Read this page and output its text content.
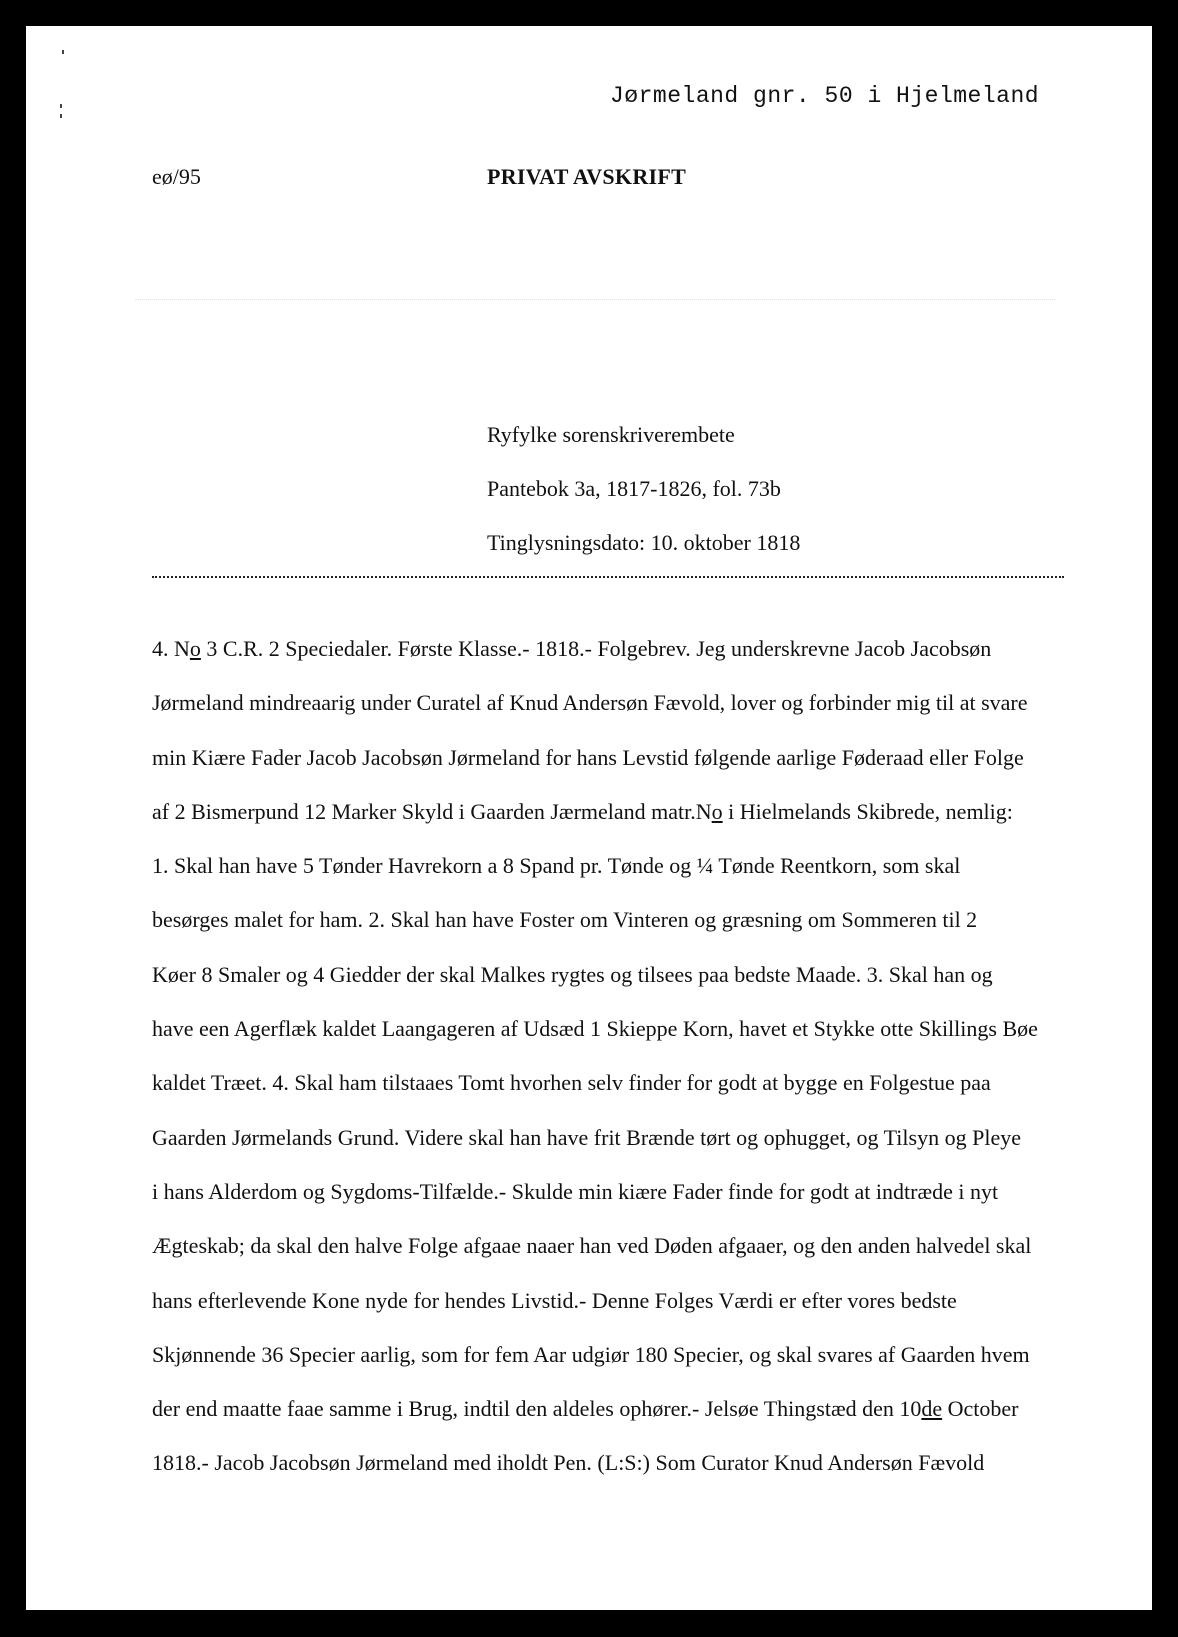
Jørmeland gnr. 50 i Hjelmeland
eø/95	PRIVAT AVSKRIFT
Ryfylke sorenskriverembete
Pantebok 3a, 1817-1826, fol. 73b
Tinglysningsdato: 10. oktober 1818
4. No 3 C.R. 2 Speciedaler. Første Klasse.- 1818.- Folgebrev. Jeg underskrevne Jacob Jacobsøn
Jørmeland mindreaarig under Curatel af Knud Andersøn Fævold, lover og forbinder mig til at svare
min Kiære Fader Jacob Jacobsøn Jørmeland for hans Levstid følgende aarlige Føderaad eller Folge
af 2 Bismerpund 12 Marker Skyld i Gaarden Jærmeland matr.No i Hielmelands Skibrede, nemlig:
1. Skal han have 5 Tønder Havrekorn a 8 Spand pr. Tønde og ¼ Tønde Reentkorn, som skal
besørges malet for ham. 2. Skal han have Foster om Vinteren og græsning om Sommeren til 2
Køer 8 Smaler og 4 Giedder der skal Malkes rygtes og tilsees paa bedste Maade. 3. Skal han og
have een Agerflæk kaldet Laangageren af Udsæd 1 Skieppe Korn, havet et Stykke otte Skillings Bøe
kaldet Træet. 4. Skal ham tilstaaes Tomt hvorhen selv finder for godt at bygge en Folgestue paa
Gaarden Jørmelands Grund. Videre skal han have frit Brænde tørt og ophugget, og Tilsyn og Pleye
i hans Alderdom og Sygdoms-Tilfælde.- Skulde min kiære Fader finde for godt at indtræde i nyt
Ægteskab; da skal den halve Folge afgaae naaer han ved Døden afgaaer, og den anden halvedel skal
hans efterlevende Kone nyde for hendes Livstid.- Denne Folges Værdi er efter vores bedste
Skjønnende 36 Specier aarlig, som for fem Aar udgiør 180 Specier, og skal svares af Gaarden hvem
der end maatte faae samme i Brug, indtil den aldeles ophører.- Jelsøe Thingstæd den 10de October
1818.- Jacob Jacobsøn Jørmeland med iholdt Pen. (L:S:) Som Curator Knud Andersøn Fævold
